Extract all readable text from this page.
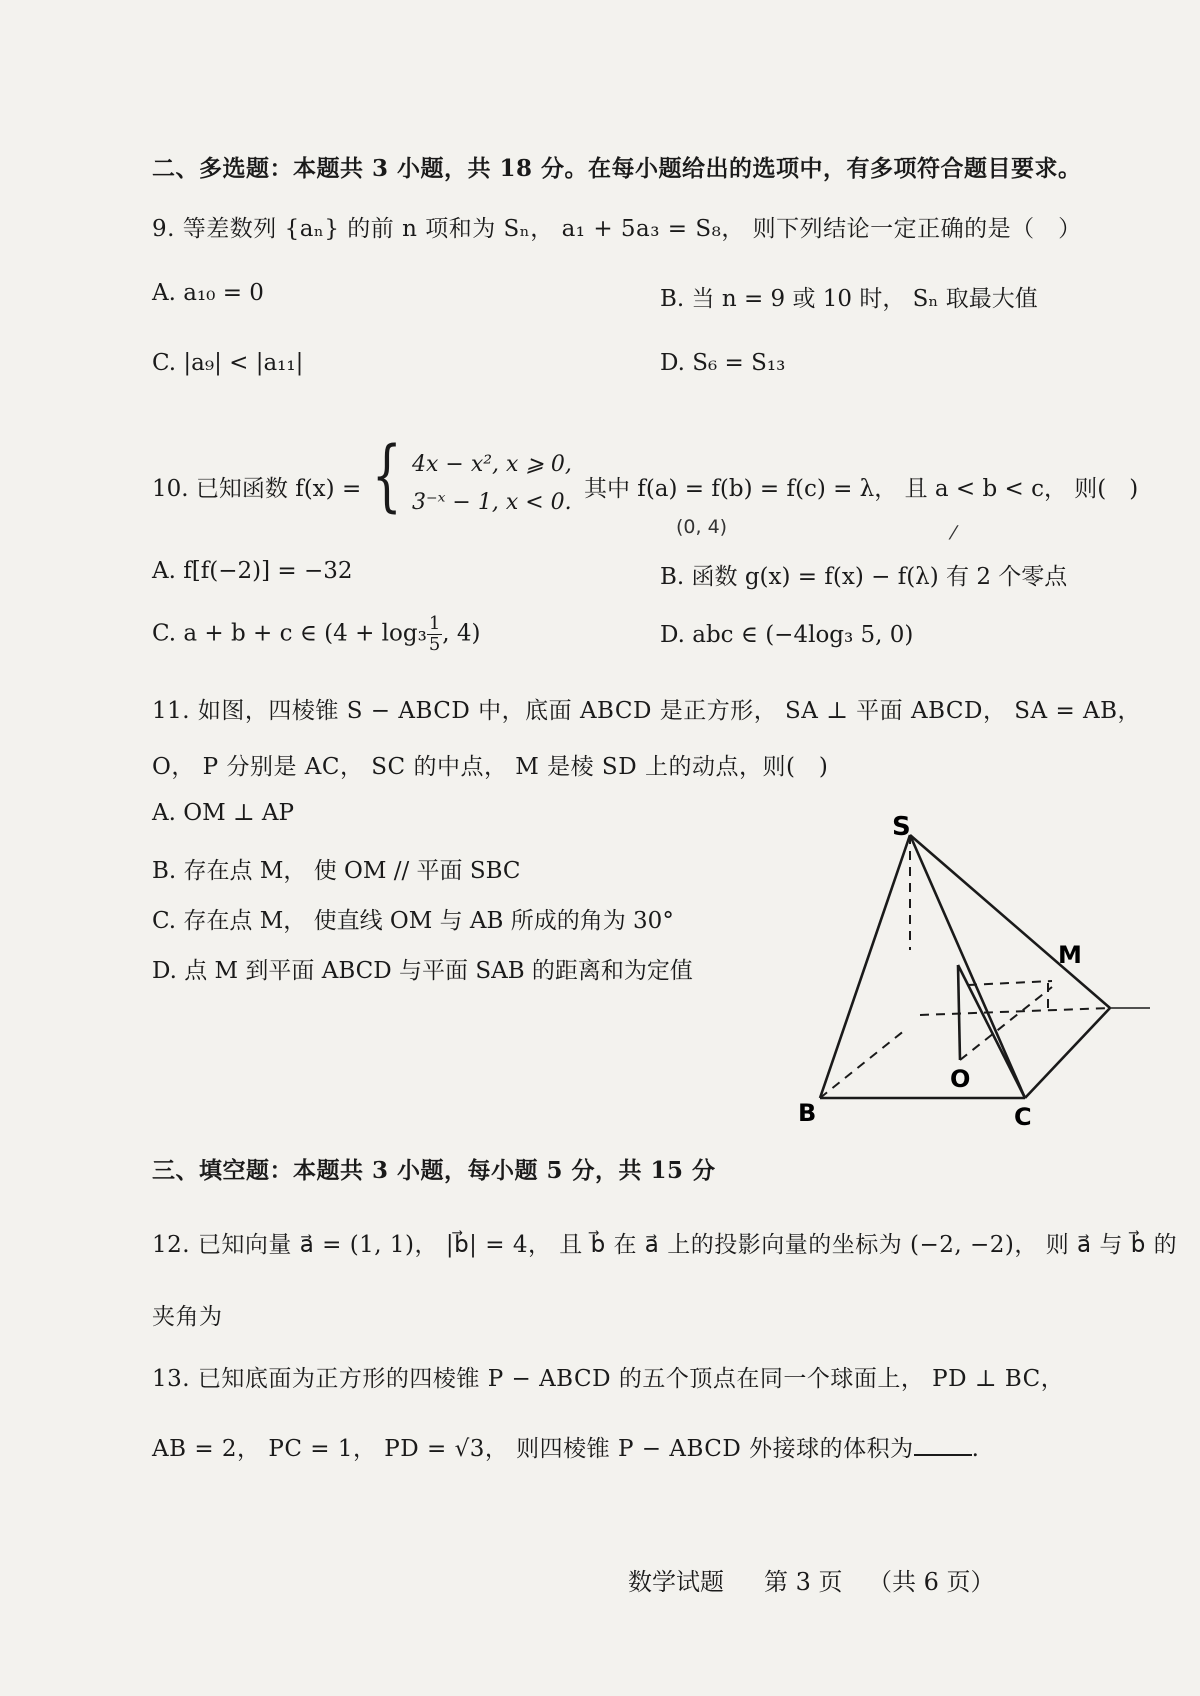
二、多选题：本题共 3 小题，共 18 分。在每小题给出的选项中，有多项符合题目要求。
9. 等差数列 {aₙ} 的前 n 项和为 Sₙ， a₁ + 5a₃ = S₈， 则下列结论一定正确的是（　）
A. a₁₀ = 0	B. 当 n = 9 或 10 时， Sₙ 取最大值
C. |a₉| < |a₁₁|	D. S₆ = S₁₃
10. 已知函数 f(x) = { 4x − x², x ⩾ 0,
3⁻ˣ − 1, x < 0.
其中 f(a) = f(b) = f(c) = λ， 且 a < b < c， 则(　)
(0, 4)	⁄
A. f[f(−2)] = −32	B. 函数 g(x) = f(x) − f(λ) 有 2 个零点
C. a + b + c ∈ ($4 + \log_3 \frac{1}{5}$ , 4)	D. abc ∈ (−4log₃ 5, 0)
11. 如图，四棱锥 S − ABCD 中，底面 ABCD 是正方形， SA ⊥ 平面 ABCD， SA = AB，
O， P 分别是 AC， SC 的中点， M 是棱 SD 上的动点，则(　)
A. OM ⊥ AP
B. 存在点 M， 使 OM // 平面 SBC
C. 存在点 M， 使直线 OM 与 AB 所成的角为 30°
D. 点 M 到平面 ABCD 与平面 SAB 的距离和为定值
S
M
O
B	C
三、填空题：本题共 3 小题，每小题 5 分，共 15 分
12. 已知向量 a⃗ = (1, 1)， |b⃗| = 4， 且 b⃗ 在 a⃗ 上的投影向量的坐标为 (−2, −2)， 则 a⃗ 与 b⃗ 的
夹角为
13. 已知底面为正方形的四棱锥 P − ABCD 的五个顶点在同一个球面上， PD ⊥ BC，
AB = 2， PC = 1， PD = √3， 则四棱锥 P − ABCD 外接球的体积为	.
数学试题 第 3 页 （共 6 页）
